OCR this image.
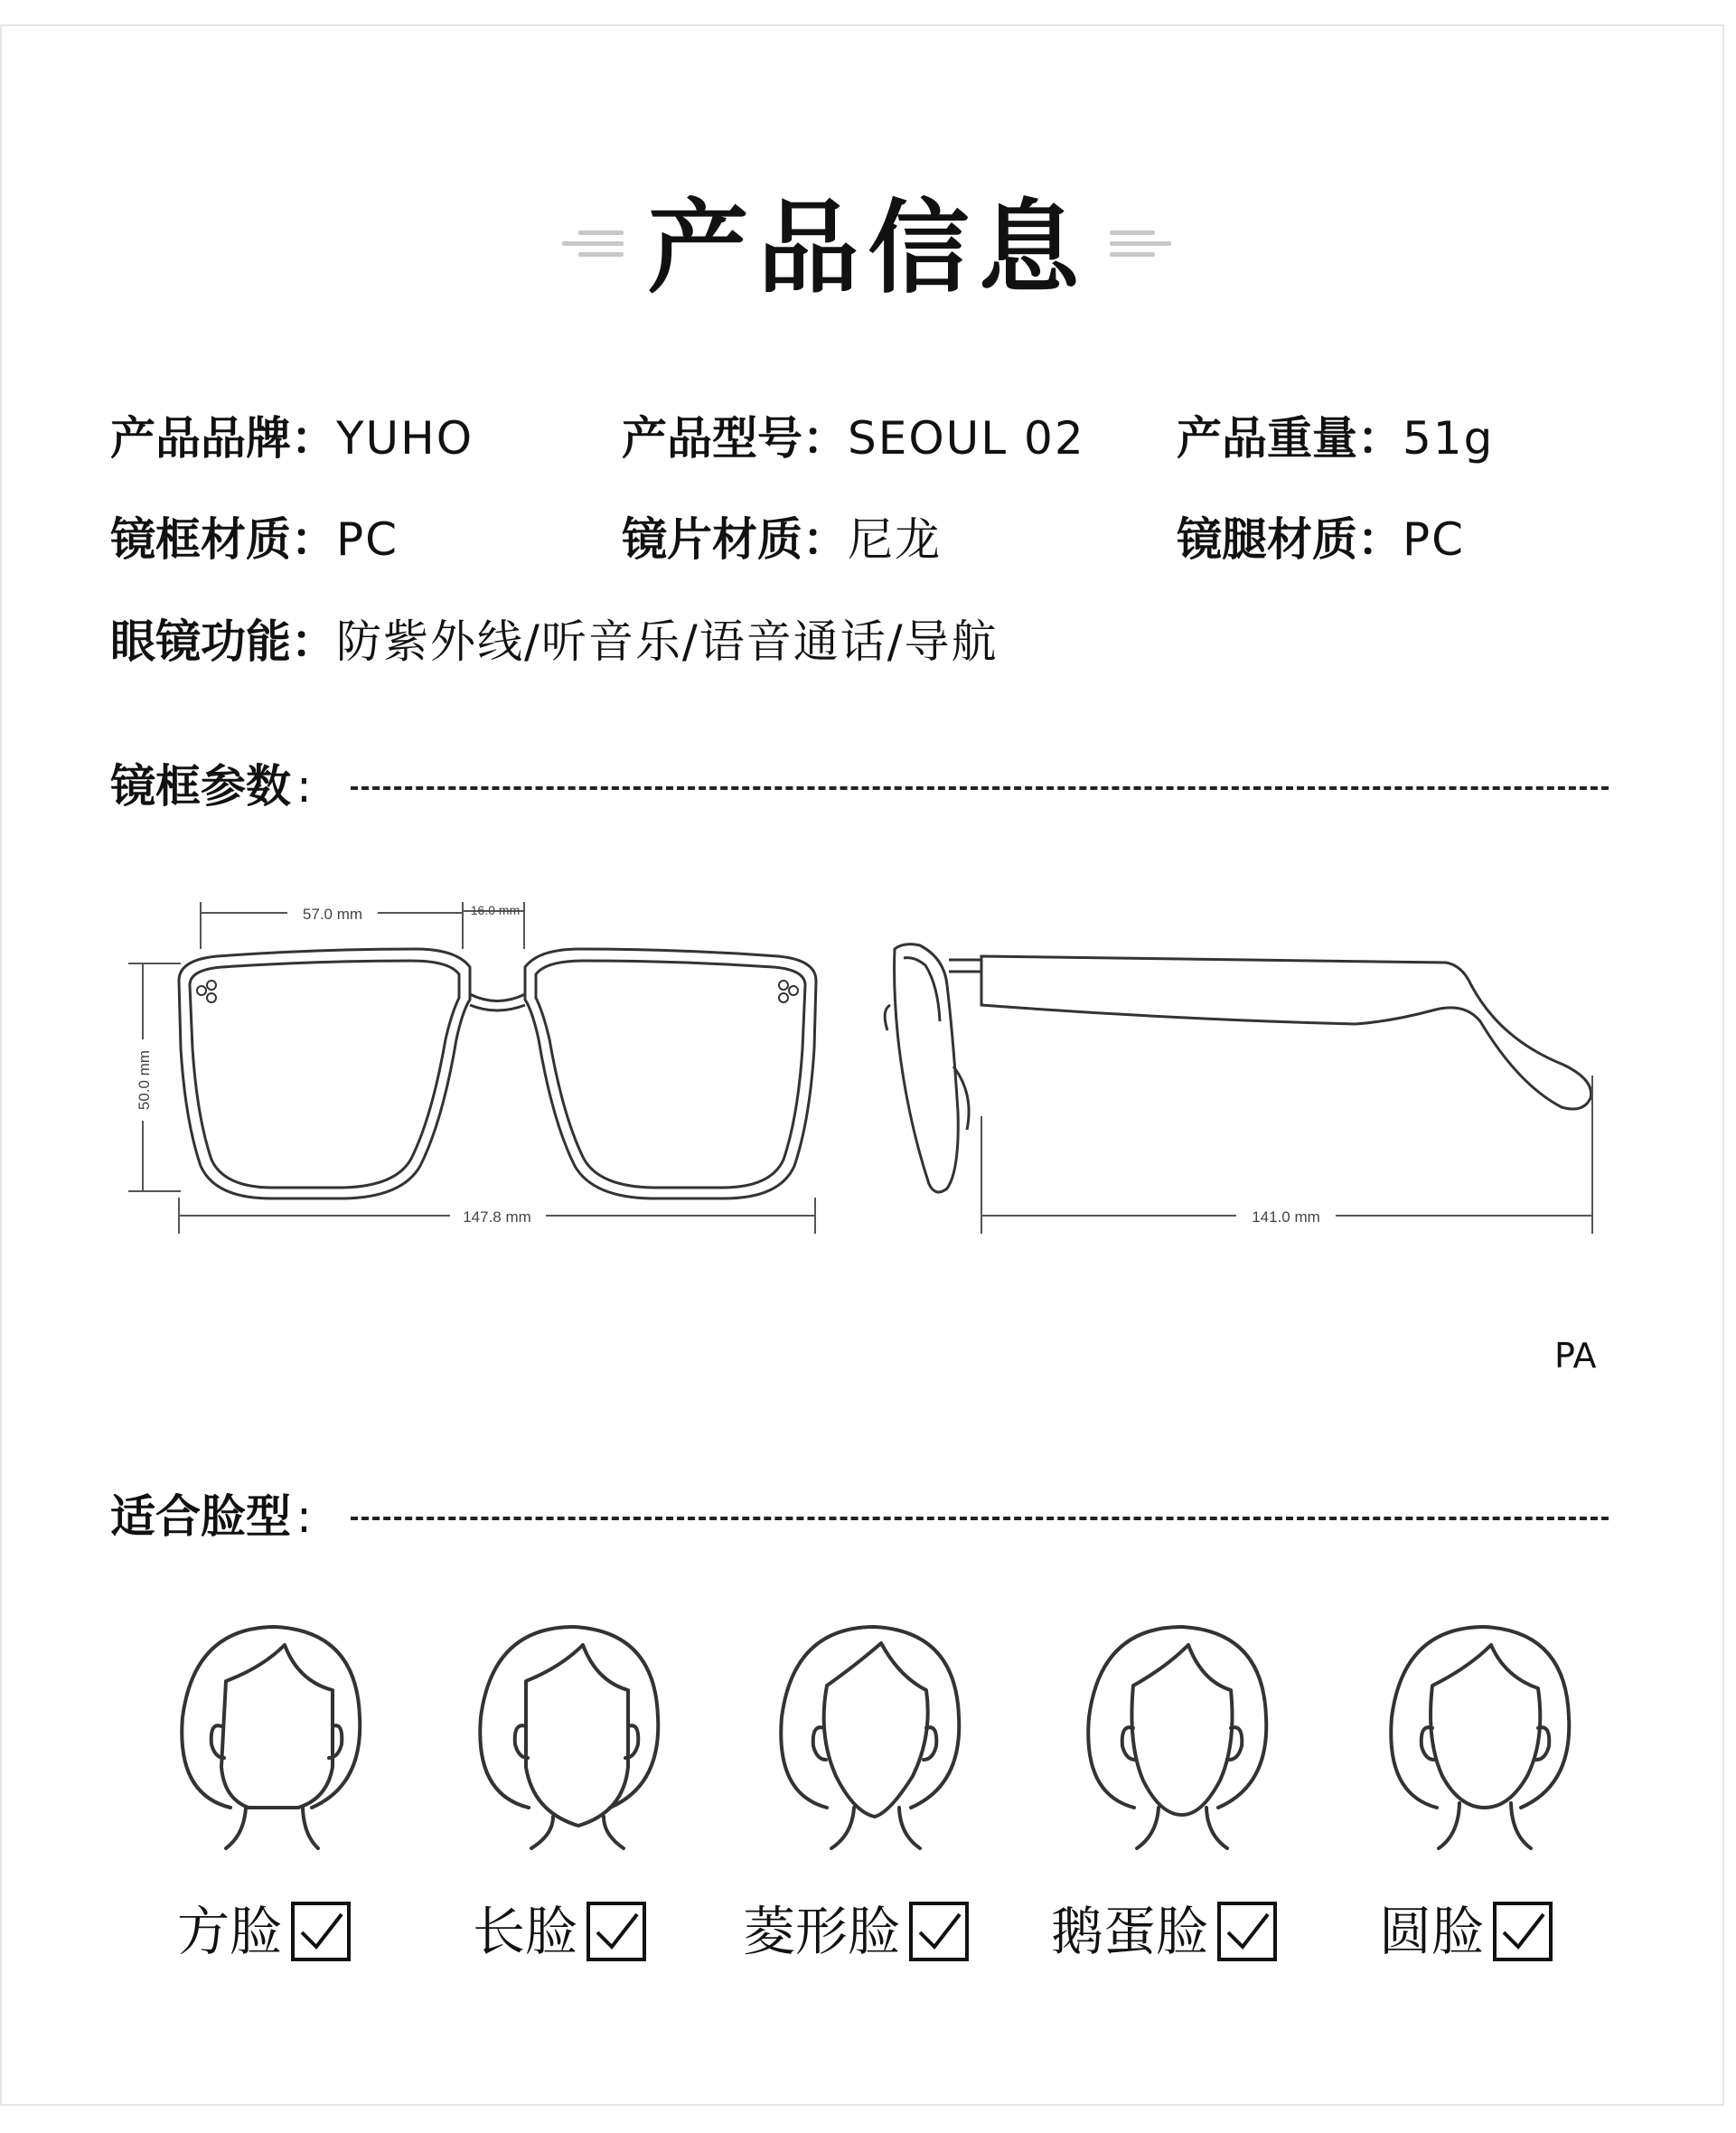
产品信息
产品品牌：YUHO	产品型号：SEOUL 02 产品重量：51g
镜框材质：PC	镜片材质：尼龙	镜腿材质：PC
眼镜功能：防紫外线/听音乐/语音通话/导航
镜框参数 :
57.0 mm	16.0 mm
50.0 mm
147.8 mm	141.0 mm
PA
适合脸型 :
方脸	长脸	菱形脸	鹅蛋脸	圆脸
